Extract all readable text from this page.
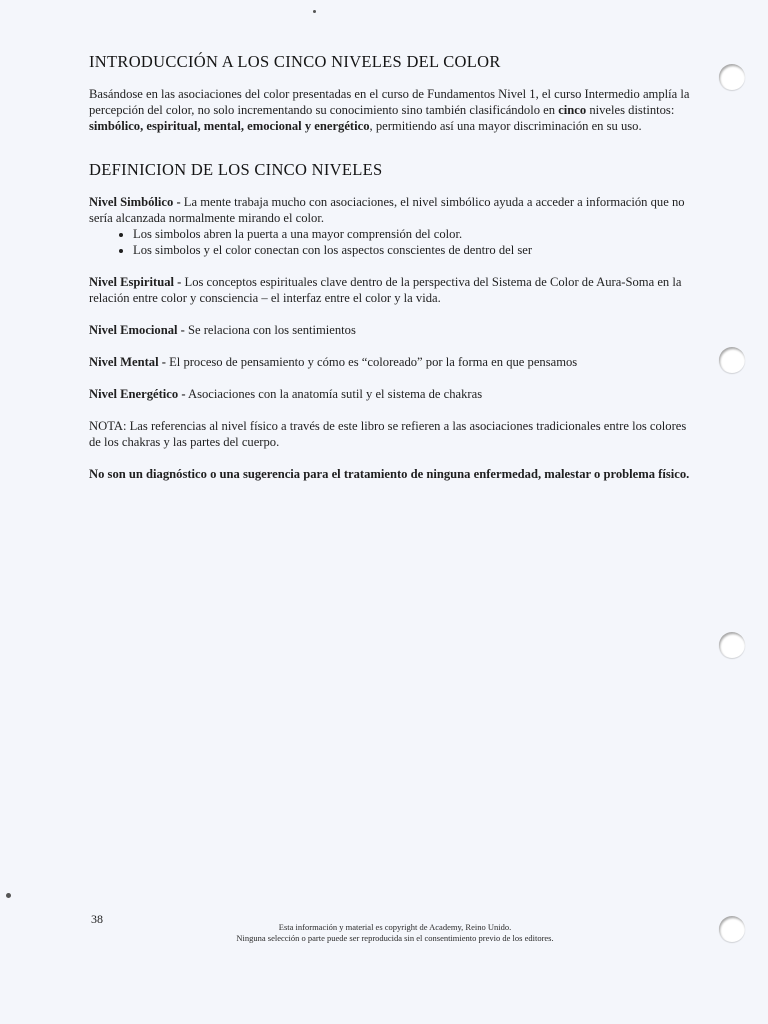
INTRODUCCIÓN A LOS CINCO NIVELES DEL COLOR

Basándose en las asociaciones del color presentadas en el curso de Fundamentos Nivel 1, el curso Intermedio amplía la percepción del color, no solo incrementando su conocimiento sino también clasificándolo en cinco niveles distintos: simbólico, espiritual, mental, emocional y energético, permitiendo así una mayor discriminación en su uso.

DEFINICION DE LOS CINCO NIVELES

Nivel Simbólico - La mente trabaja mucho con asociaciones, el nivel simbólico ayuda a acceder a información que no sería alcanzada normalmente mirando el color.

• Los simbolos abren la puerta a una mayor comprensión del color.
• Los simbolos y el color conectan con los aspectos conscientes de dentro del ser

Nivel Espiritual - Los conceptos espirituales clave dentro de la perspectiva del Sistema de Color de Aura-Soma en la relación entre color y consciencia – el interfaz entre el color y la vida.

Nivel Emocional - Se relaciona con los sentimientos

Nivel Mental - El proceso de pensamiento y cómo es “coloreado” por la forma en que pensamos

Nivel Energético - Asociaciones con la anatomía sutil y el sistema de chakras

NOTA: Las referencias al nivel físico a través de este libro se refieren a las asociaciones tradicionales entre los colores de los chakras y las partes del cuerpo.

No son un diagnóstico o una sugerencia para el tratamiento de ninguna enfermedad, malestar o problema físico.

38
Esta información y material es copyright de Academy, Reino Unido.
Ninguna selección o parte puede ser reproducida sin el consentimiento previo de los editores.
